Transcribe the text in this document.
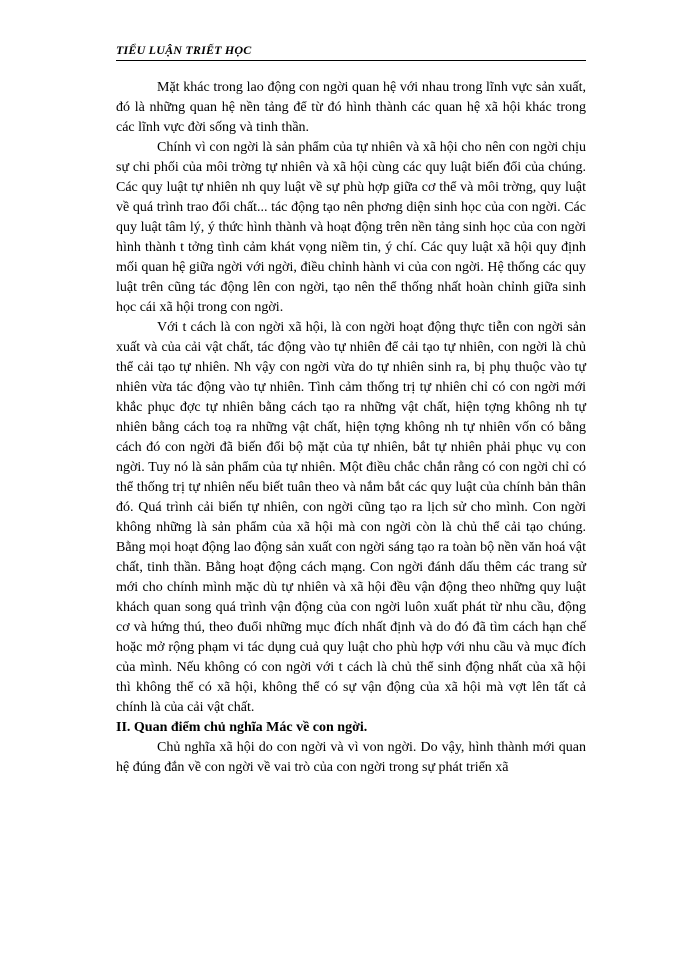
TIỂU LUẬN TRIẾT HỌC

Mặt khác trong lao động con ngời quan hệ với nhau trong lĩnh vực sản xuất, đó là những quan hệ nền tảng để từ đó hình thành các quan hệ xã hội khác trong các lĩnh vực đời sống và tinh thần.

Chính vì con ngời là sản phẩm của tự nhiên và xã hội cho nên con ngời chịu sự chi phối của môi trờng tự nhiên và xã hội cùng các quy luật biến đổi của chúng. Các quy luật tự nhiên nh quy luật về sự phù hợp giữa cơ thể và môi trờng, quy luật về quá trình trao đổi chất... tác động tạo nên phơng diện sinh học của con ngời. Các quy luật tâm lý, ý thức hình thành và hoạt động trên nền tảng sinh học của con ngời hình thành t tởng tình cảm khát vọng niềm tin, ý chí. Các quy luật xã hội quy định mối quan hệ giữa ngời với ngời, điều chỉnh hành vi của con ngời. Hệ thống các quy luật trên cũng tác động lên con ngời, tạo nên thể thống nhất hoàn chỉnh giữa sinh học cái xã hội trong con ngời.

Với t cách là con ngời xã hội, là con ngời hoạt động thực tiễn con ngời sản xuất và của cải vật chất, tác động vào tự nhiên để cải tạo tự nhiên, con ngời là chủ thể cải tạo tự nhiên. Nh vậy con ngời vừa do tự nhiên sinh ra, bị phụ thuộc vào tự nhiên vừa tác động vào tự nhiên. Tình cảm thống trị tự nhiên chỉ có con ngời mới khắc phục đợc tự nhiên bằng cách tạo ra những vật chất, hiện tợng không nh tự nhiên bằng cách toạ ra những vật chất, hiện tợng không nh tự nhiên vốn có bằng cách đó con ngời đã biến đổi bộ mặt của tự nhiên, bắt tự nhiên phải phục vụ con ngời. Tuy nó là sản phẩm của tự nhiên. Một điều chắc chắn rằng có con ngời chỉ có thể thống trị tự nhiên nếu biết tuân theo và nắm bắt các quy luật của chính bản thân đó. Quá trình cải biến tự nhiên, con ngời cũng tạo ra lịch sử cho mình. Con ngời không những là sản phẩm của xã hội mà con ngời còn là chủ thể cải tạo chúng. Bằng mọi hoạt động lao động sản xuất con ngời sáng tạo ra toàn bộ nền văn hoá vật chất, tinh thần. Bằng hoạt động cách mạng. Con ngời đánh dấu thêm các trang sử mới cho chính mình mặc dù tự nhiên và xã hội đều vận động theo những quy luật khách quan song quá trình vận động của con ngời luôn xuất phát từ nhu cầu, động cơ và hứng thú, theo đuổi những mục đích nhất định và do đó đã tìm cách hạn chế hoặc mở rộng phạm vi tác dụng cuả quy luật cho phù hợp với nhu cầu và mục đích của mình. Nếu không có con ngời với t cách là chủ thể sinh động nhất của xã hội thì không thể có xã hội, không thể có sự vận động của xã hội mà vợt lên tất cả chính là của cải vật chất.

II. Quan điểm chủ nghĩa Mác về con ngời.

Chủ nghĩa xã hội do con ngời và vì von ngời. Do vậy, hình thành mới quan hệ đúng đắn về con ngời về vai trò của con ngời trong sự phát triển xã
